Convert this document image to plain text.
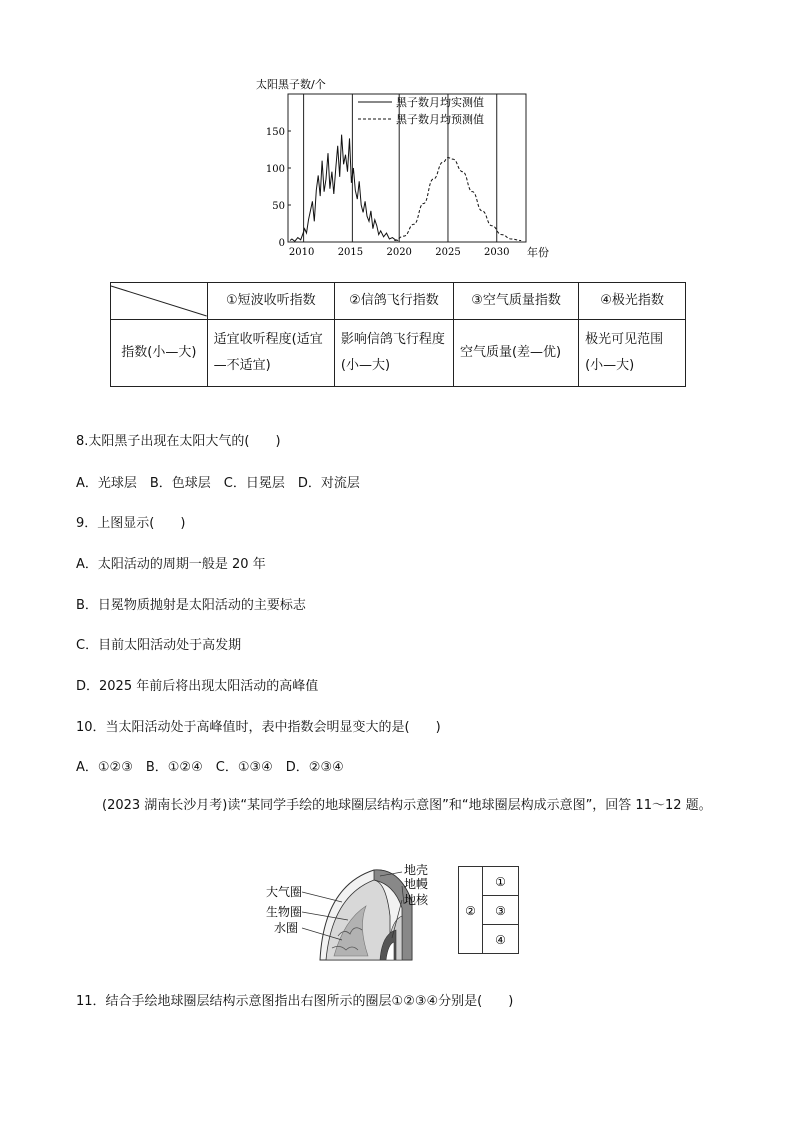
0
50
100
150
2010 2015 2020 2025 2030
太阳黑子数/个
年份
黑子数月均实测值
黑子数月均预测值
	①短波收听指数	②信鸽飞行指数	③空气质量指数	④极光指数
指数(小—大)	适宜收听程度(适宜—不适宜)	影响信鸽飞行程度(小—大)	空气质量(差—优)	极光可见范围(小—大)
8.太阳黑子出现在太阳大气的(　　)
A．光球层　B．色球层　C．日冕层　D．对流层
9．上图显示(　　)
A．太阳活动的周期一般是 20 年
B．日冕物质抛射是太阳活动的主要标志
C．目前太阳活动处于高发期
D．2025 年前后将出现太阳活动的高峰值
10．当太阳活动处于高峰值时，表中指数会明显变大的是(　　)
A．①②③　B．①②④　C．①③④　D．②③④
(2023 湖南长沙月考)读“某同学手绘的地球圈层结构示意图”和“地球圈层构成示意图”，回答 11～12 题。
大气圈
生物圈
水圈
地壳
地幔
地核
①
② ③
④
11．结合手绘地球圈层结构示意图指出右图所示的圈层①②③④分别是(　　)
